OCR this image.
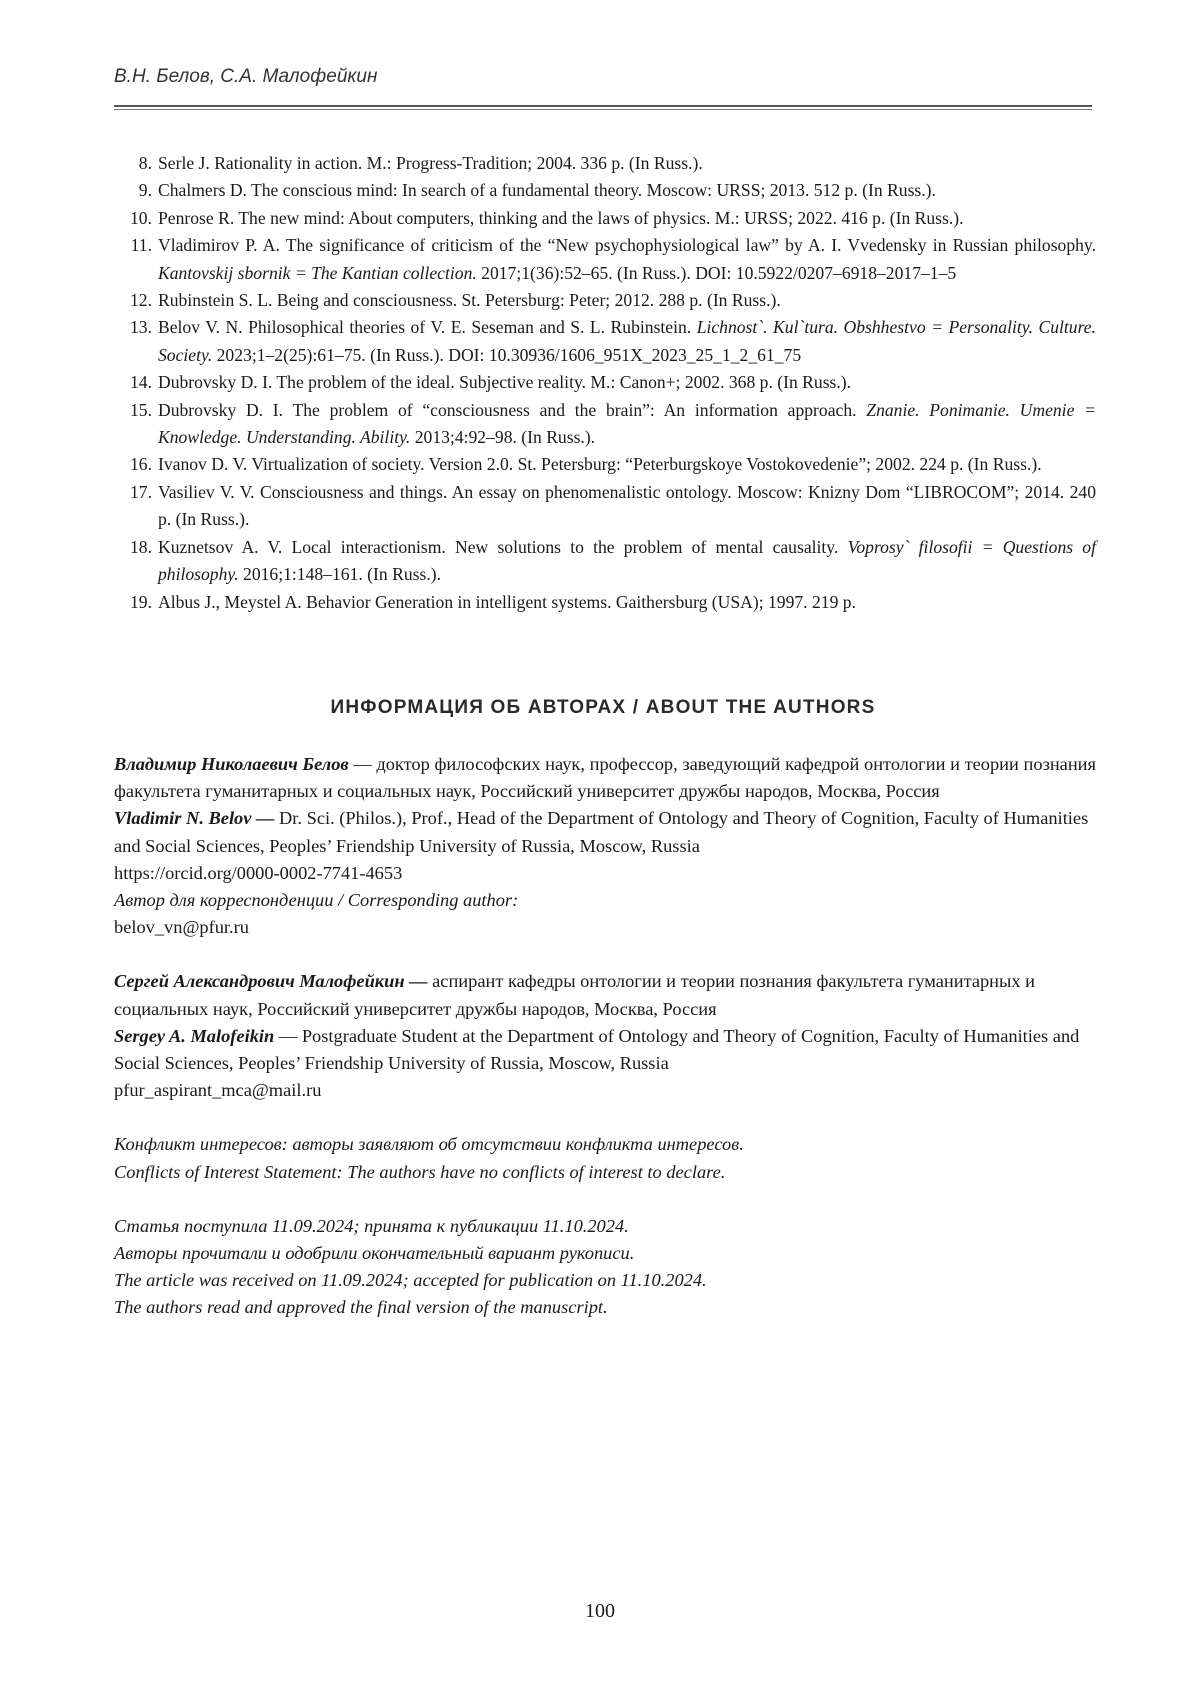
В.Н. Белов, С.А. Малофейкин
8. Serle J. Rationality in action. M.: Progress-Tradition; 2004. 336 p. (In Russ.).
9. Chalmers D. The conscious mind: In search of a fundamental theory. Moscow: URSS; 2013. 512 p. (In Russ.).
10. Penrose R. The new mind: About computers, thinking and the laws of physics. M.: URSS; 2022. 416 p. (In Russ.).
11. Vladimirov P. A. The significance of criticism of the “New psychophysiological law” by A. I. Vvedensky in Russian philosophy. Kantovskij sbornik = The Kantian collection. 2017;1(36):52–65. (In Russ.). DOI: 10.5922/0207–6918–2017–1–5
12. Rubinstein S. L. Being and consciousness. St. Petersburg: Peter; 2012. 288 p. (In Russ.).
13. Belov V. N. Philosophical theories of V. E. Seseman and S. L. Rubinstein. Lichnost`. Kul`tura. Obshhestvo = Personality. Culture. Society. 2023;1–2(25):61–75. (In Russ.). DOI: 10.30936/1606_951X_2023_25_1_2_61_75
14. Dubrovsky D. I. The problem of the ideal. Subjective reality. M.: Canon+; 2002. 368 p. (In Russ.).
15. Dubrovsky D. I. The problem of “consciousness and the brain”: An information approach. Znanie. Ponimanie. Umenie = Knowledge. Understanding. Ability. 2013;4:92–98. (In Russ.).
16. Ivanov D. V. Virtualization of society. Version 2.0. St. Petersburg: “Peterburgskoye Vostokovedenie”; 2002. 224 p. (In Russ.).
17. Vasiliev V. V. Consciousness and things. An essay on phenomenalistic ontology. Moscow: Knizny Dom “LIBROCOM”; 2014. 240 p. (In Russ.).
18. Kuznetsov A. V. Local interactionism. New solutions to the problem of mental causality. Voprosy` filosofii = Questions of philosophy. 2016;1:148–161. (In Russ.).
19. Albus J., Meystel A. Behavior Generation in intelligent systems. Gaithersburg (USA); 1997. 219 p.
ИНФОРМАЦИЯ ОБ АВТОРАХ / ABOUT THE AUTHORS

Владимир Николаевич Белов — доктор философских наук, профессор, заведующий кафедрой онтологии и теории познания факультета гуманитарных и социальных наук, Российский университет дружбы народов, Москва, Россия

Vladimir N. Belov — Dr. Sci. (Philos.), Prof., Head of the Department of Ontology and Theory of Cognition, Faculty of Humanities and Social Sciences, Peoples’ Friendship University of Russia, Moscow, Russia

https://orcid.org/0000-0002-7741-4653

Автор для корреспонденции / Corresponding author:

belov_vn@pfur.ru

Сергей Александрович Малофейкин — аспирант кафедры онтологии и теории познания факультета гуманитарных и социальных наук, Российский университет дружбы народов, Москва, Россия

Sergey A. Malofeikin — Postgraduate Student at the Department of Ontology and Theory of Cognition, Faculty of Humanities and Social Sciences, Peoples’ Friendship University of Russia, Moscow, Russia

pfur_aspirant_mca@mail.ru

Конфликт интересов: авторы заявляют об отсутствии конфликта интересов.

Conflicts of Interest Statement: The authors have no conflicts of interest to declare.

Статья поступила 11.09.2024; принята к публикации 11.10.2024.

Авторы прочитали и одобрили окончательный вариант рукописи.

The article was received on 11.09.2024; accepted for publication on 11.10.2024.

The authors read and approved the final version of the manuscript.

100
